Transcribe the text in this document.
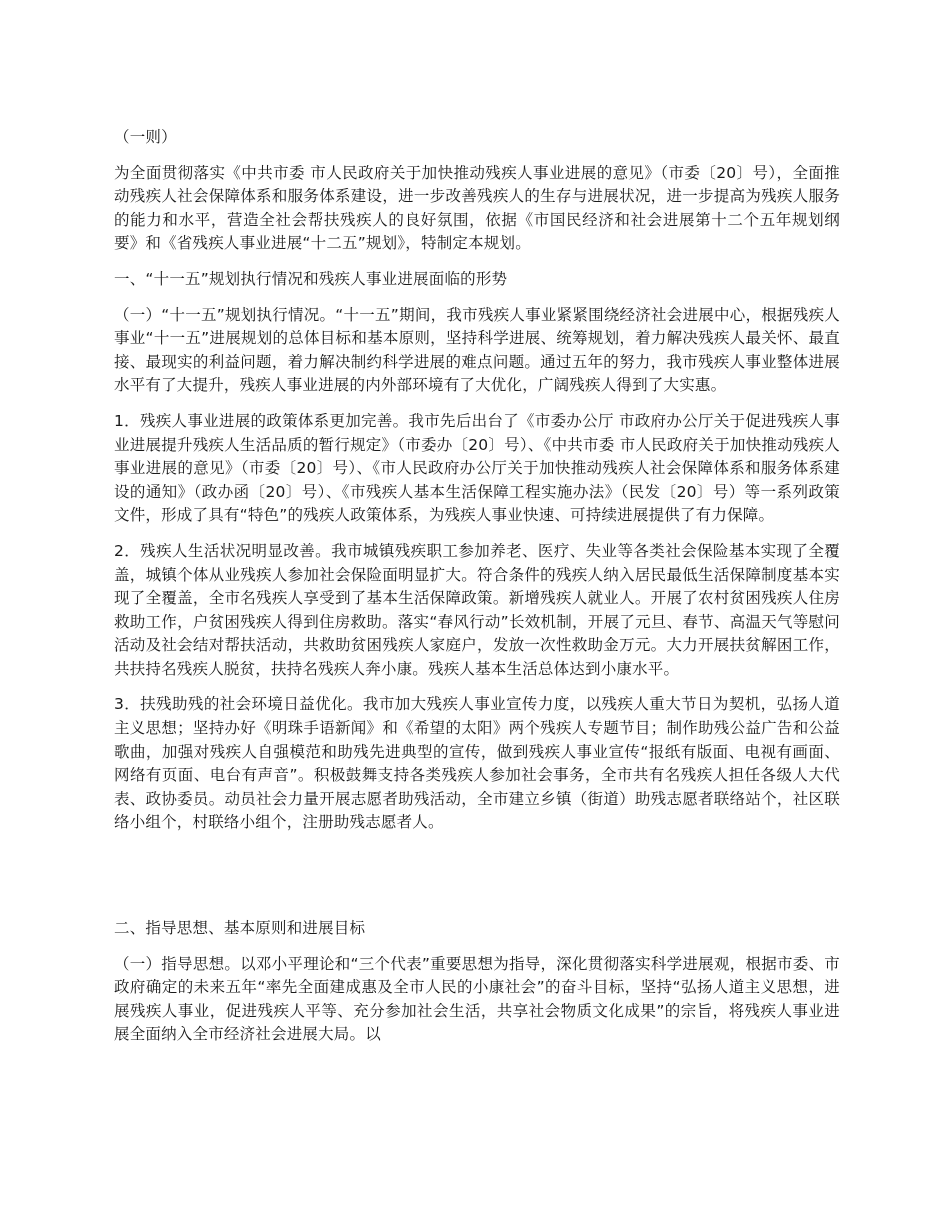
（一则）

为全面贯彻落实《中共市委 市人民政府关于加快推动残疾人事业进展的意见》（市委〔20〕号），全面推动残疾人社会保障体系和服务体系建设，进一步改善残疾人的生存与进展状况，进一步提高为残疾人服务的能力和水平，营造全社会帮扶残疾人的良好氛围，依据《市国民经济和社会进展第十二个五年规划纲要》和《省残疾人事业进展“十二五”规划》，特制定本规划。

一、“十一五”规划执行情况和残疾人事业进展面临的形势

（一）“十一五”规划执行情况。“十一五”期间，我市残疾人事业紧紧围绕经济社会进展中心，根据残疾人事业“十一五”进展规划的总体目标和基本原则，坚持科学进展、统筹规划，着力解决残疾人最关怀、最直接、最现实的利益问题，着力解决制约科学进展的难点问题。通过五年的努力，我市残疾人事业整体进展水平有了大提升，残疾人事业进展的内外部环境有了大优化，广阔残疾人得到了大实惠。

1．残疾人事业进展的政策体系更加完善。我市先后出台了《市委办公厅 市政府办公厅关于促进残疾人事业进展提升残疾人生活品质的暂行规定》（市委办〔20〕号）、《中共市委 市人民政府关于加快推动残疾人事业进展的意见》（市委〔20〕号）、《市人民政府办公厅关于加快推动残疾人社会保障体系和服务体系建设的通知》（政办函〔20〕号）、《市残疾人基本生活保障工程实施办法》（民发〔20〕号）等一系列政策文件，形成了具有“特色”的残疾人政策体系，为残疾人事业快速、可持续进展提供了有力保障。

2．残疾人生活状况明显改善。我市城镇残疾职工参加养老、医疗、失业等各类社会保险基本实现了全覆盖，城镇个体从业残疾人参加社会保险面明显扩大。符合条件的残疾人纳入居民最低生活保障制度基本实现了全覆盖，全市名残疾人享受到了基本生活保障政策。新增残疾人就业人。开展了农村贫困残疾人住房救助工作，户贫困残疾人得到住房救助。落实“春风行动”长效机制，开展了元旦、春节、高温天气等慰问活动及社会结对帮扶活动，共救助贫困残疾人家庭户，发放一次性救助金万元。大力开展扶贫解困工作，共扶持名残疾人脱贫，扶持名残疾人奔小康。残疾人基本生活总体达到小康水平。

3．扶残助残的社会环境日益优化。我市加大残疾人事业宣传力度，以残疾人重大节日为契机，弘扬人道主义思想；坚持办好《明珠手语新闻》和《希望的太阳》两个残疾人专题节目；制作助残公益广告和公益歌曲，加强对残疾人自强模范和助残先进典型的宣传，做到残疾人事业宣传“报纸有版面、电视有画面、网络有页面、电台有声音”。积极鼓舞支持各类残疾人参加社会事务，全市共有名残疾人担任各级人大代表、政协委员。动员社会力量开展志愿者助残活动，全市建立乡镇（街道）助残志愿者联络站个，社区联络小组个，村联络小组个，注册助残志愿者人。

二、指导思想、基本原则和进展目标

（一）指导思想。以邓小平理论和“三个代表”重要思想为指导，深化贯彻落实科学进展观，根据市委、市政府确定的未来五年“率先全面建成惠及全市人民的小康社会”的奋斗目标，坚持“弘扬人道主义思想，进展残疾人事业，促进残疾人平等、充分参加社会生活，共享社会物质文化成果”的宗旨，将残疾人事业进展全面纳入全市经济社会进展大局。以
